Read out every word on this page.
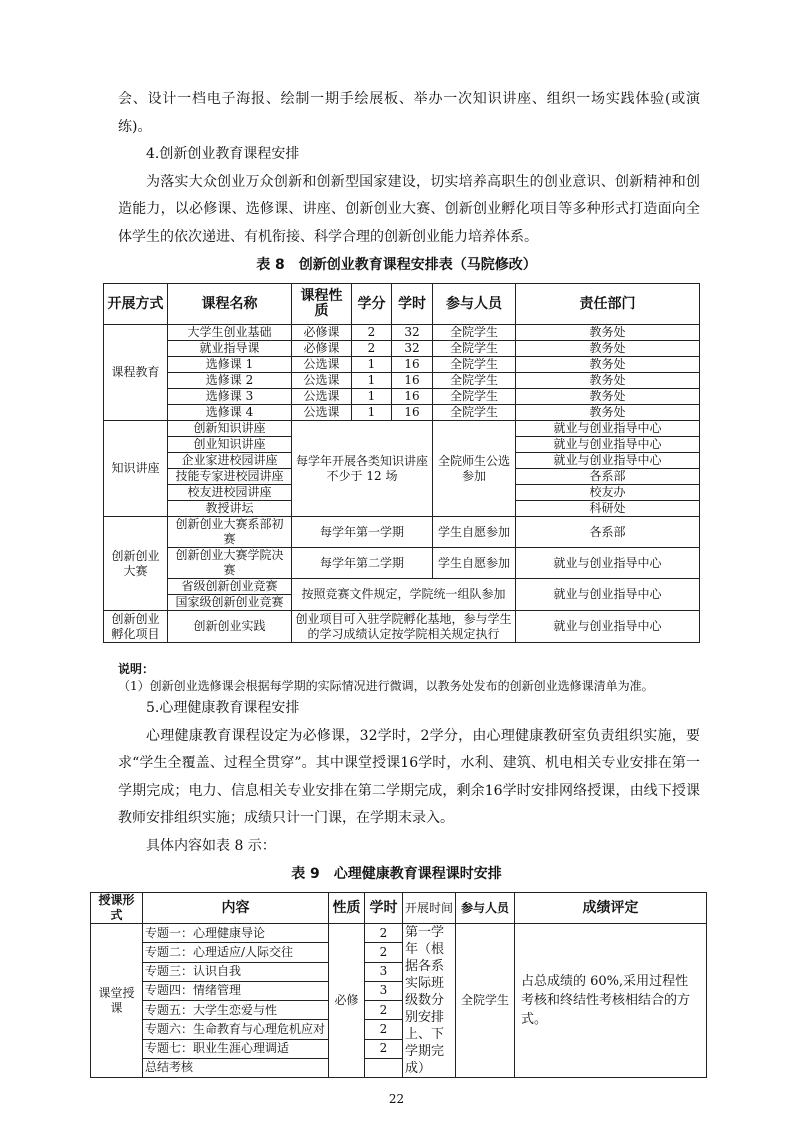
会、设计一档电子海报、绘制一期手绘展板、举办一次知识讲座、组织一场实践体验(或演练)。

4.创新创业教育课程安排

为落实大众创业万众创新和创新型国家建设，切实培养高职生的创业意识、创新精神和创造能力，以必修课、选修课、讲座、创新创业大赛、创新创业孵化项目等多种形式打造面向全体学生的依次递进、有机衔接、科学合理的创新创业能力培养体系。

表 8　创新创业教育课程安排表（马院修改）
开展方式	课程名称	课程性质	学分	学时	参与人员	责任部门
课程教育	大学生创业基础	必修课	2	32	全院学生	教务处
	就业指导课	必修课	2	32	全院学生	教务处
	选修课 1	公选课	1	16	全院学生	教务处
	选修课 2	公选课	1	16	全院学生	教务处
	选修课 3	公选课	1	16	全院学生	教务处
	选修课 4	公选课	1	16	全院学生	教务处
知识讲座	创新知识讲座	每学年开展各类知识讲座不少于 12 场			全院师生公选参加	就业与创业指导中心
	创业知识讲座					就业与创业指导中心
	企业家进校园讲座					就业与创业指导中心
	技能专家进校园讲座					各系部
	校友进校园讲座					校友办
	教授讲坛					科研处
创新创业大赛	创新创业大赛系部初赛	每学年第一学期			学生自愿参加	各系部
	创新创业大赛学院决赛	每学年第二学期			学生自愿参加	就业与创业指导中心
	省级创新创业竞赛	按照竞赛文件规定，学院统一组队参加				就业与创业指导中心
	国家级创新创业竞赛					
创新创业孵化项目	创新创业实践	创业项目可入驻学院孵化基地，参与学生的学习成绩认定按学院相关规定执行				就业与创业指导中心
说明：
（1）创新创业选修课会根据每学期的实际情况进行微调，以教务处发布的创新创业选修课清单为准。

5.心理健康教育课程安排

心理健康教育课程设定为必修课，32学时，2学分，由心理健康教研室负责组织实施，要求“学生全覆盖、过程全贯穿”。其中课堂授课16学时，水利、建筑、机电相关专业安排在第一学期完成；电力、信息相关专业安排在第二学期完成，剩余16学时安排网络授课，由线下授课教师安排组织实施；成绩只计一门课，在学期末录入。

具体内容如表 8 示：

表 9　心理健康教育课程课时安排
授课形式	内容	性质	学时	开展时间	参与人员	成绩评定
课堂授课	专题一：心理健康导论	必修	2	第一学年（根据各系实际班级数分别安排上、下学期完成）	全院学生	占总成绩的 60%,采用过程性考核和终结性考核相结合的方式。
	专题二：心理适应/人际交往		2			
	专题三：认识自我		3			
	专题四：情绪管理		3			
	专题五：大学生恋爱与性		2			
	专题六：生命教育与心理危机应对		2			
	专题七：职业生涯心理调适		2			
	总结考核					
22
